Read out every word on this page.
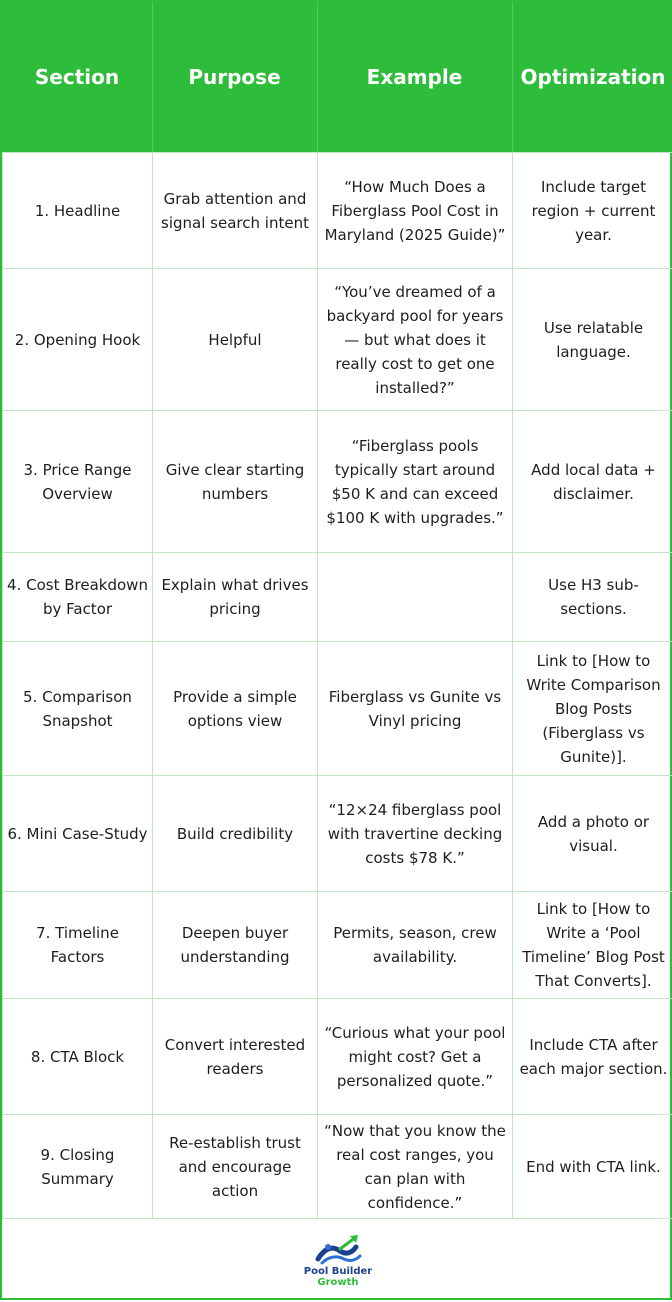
Section	Purpose	Example	Optimization
1. Headline	Grab attention and signal search intent	“How Much Does a Fiberglass Pool Cost in Maryland (2025 Guide)”	Include target region + current year.
2. Opening Hook	Helpful	“You’ve dreamed of a backyard pool for years — but what does it really cost to get one installed?”	Use relatable language.
3. Price Range Overview	Give clear starting numbers	“Fiberglass pools typically start around $50 K and can exceed $100 K with upgrades.”	Add local data + disclaimer.
4. Cost Breakdown by Factor	Explain what drives pricing		Use H3 sub-sections.
5. Comparison Snapshot	Provide a simple options view	Fiberglass vs Gunite vs Vinyl pricing	Link to [How to Write Comparison Blog Posts (Fiberglass vs Gunite)].
6. Mini Case-Study	Build credibility	“12×24 fiberglass pool with travertine decking costs $78 K.”	Add a photo or visual.
7. Timeline Factors	Deepen buyer understanding	Permits, season, crew availability.	Link to [How to Write a ‘Pool Timeline’ Blog Post That Converts].
8. CTA Block	Convert interested readers	“Curious what your pool might cost? Get a personalized quote.”	Include CTA after each major section.
9. Closing Summary	Re-establish trust and encourage action	“Now that you know the real cost ranges, you can plan with confidence.”	End with CTA link.
Pool Builder
Growth
